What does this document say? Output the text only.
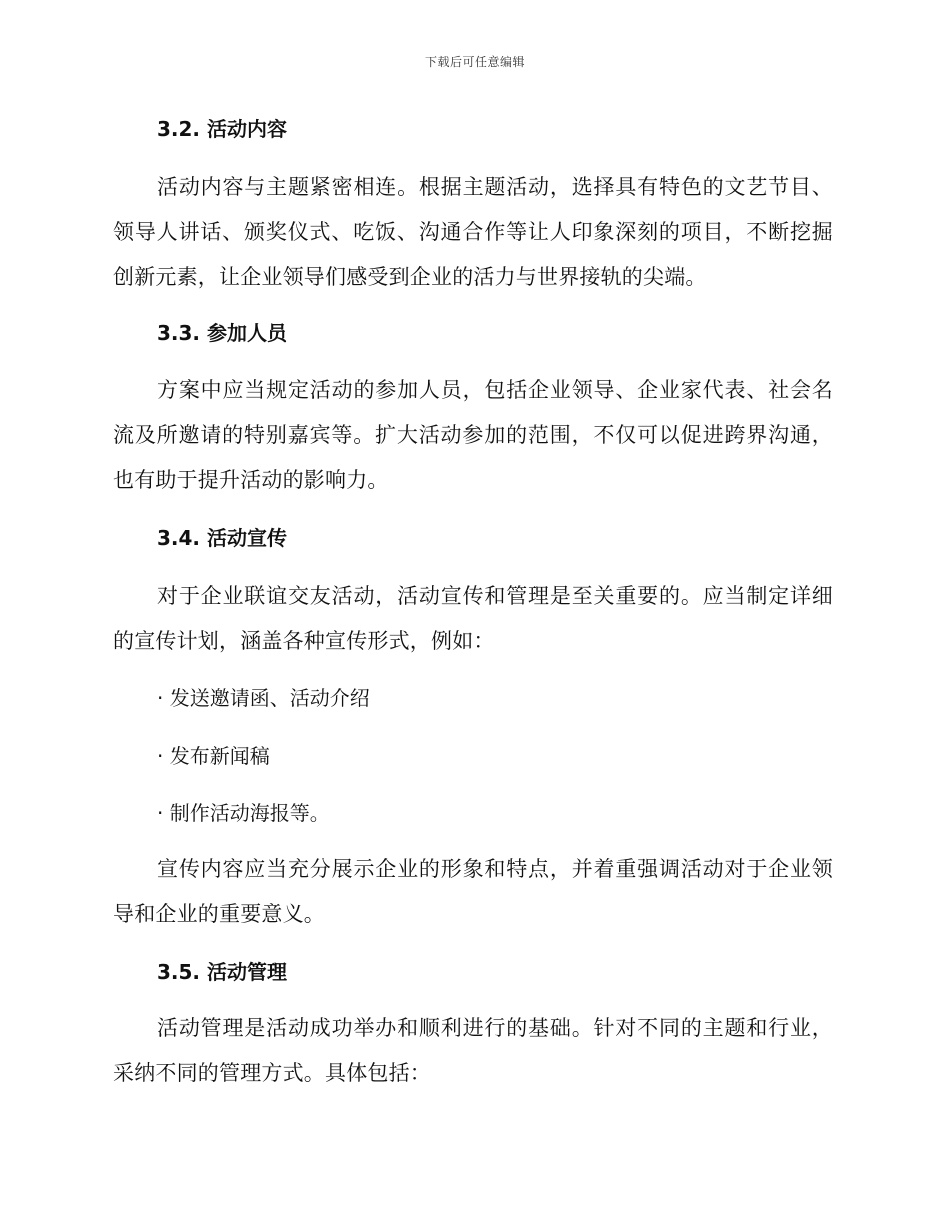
下载后可任意编辑
3.2. 活动内容
活动内容与主题紧密相连。根据主题活动，选择具有特色的文艺节目、领导人讲话、颁奖仪式、吃饭、沟通合作等让人印象深刻的项目，不断挖掘创新元素，让企业领导们感受到企业的活力与世界接轨的尖端。
3.3. 参加人员
方案中应当规定活动的参加人员，包括企业领导、企业家代表、社会名流及所邀请的特别嘉宾等。扩大活动参加的范围，不仅可以促进跨界沟通，也有助于提升活动的影响力。
3.4. 活动宣传
对于企业联谊交友活动，活动宣传和管理是至关重要的。应当制定详细的宣传计划，涵盖各种宣传形式，例如：
· 发送邀请函、活动介绍
· 发布新闻稿
· 制作活动海报等。
宣传内容应当充分展示企业的形象和特点，并着重强调活动对于企业领导和企业的重要意义。
3.5. 活动管理
活动管理是活动成功举办和顺利进行的基础。针对不同的主题和行业，采纳不同的管理方式。具体包括：
